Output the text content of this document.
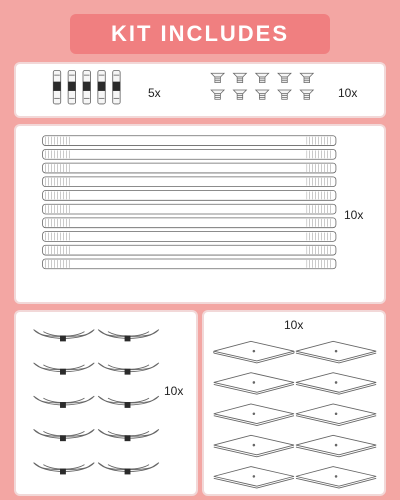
KIT INCLUDES
5x	10x
10x
10x
10x
